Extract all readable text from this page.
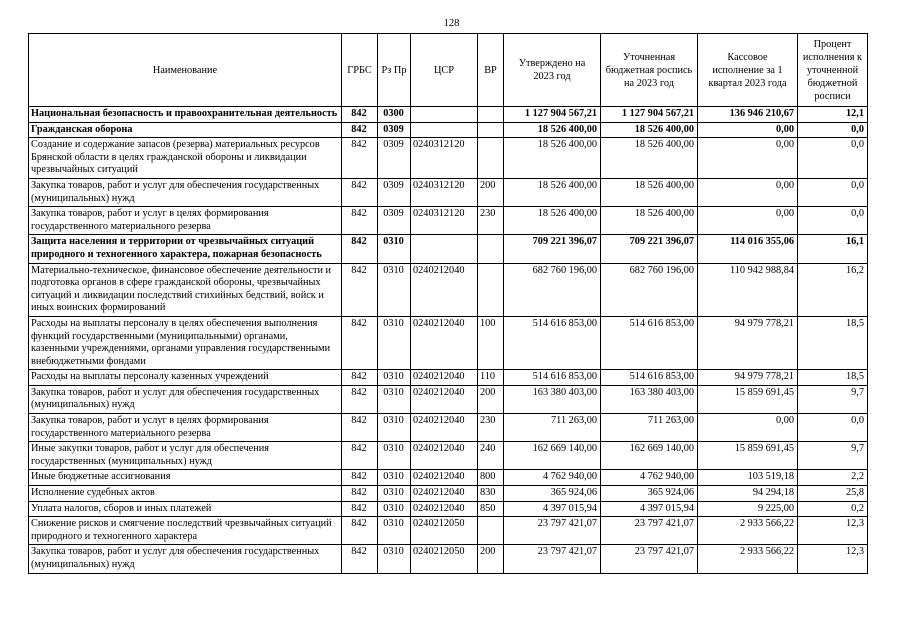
128
Наименование	ГРБС	Рз Пр	ЦСР	ВР	Утверждено на 2023 год	Уточненная бюджетная роспись на 2023 год	Кассовое исполнение за 1 квартал 2023 года	Процент исполнения к уточненной бюджетной росписи
Национальная безопасность и правоохранительная деятельность	842	0300			1 127 904 567,21	1 127 904 567,21	136 946 210,67	12,1
Гражданская оборона	842	0309			18 526 400,00	18 526 400,00	0,00	0,0
Создание и содержание запасов (резерва) материальных ресурсов Брянской области в целях гражданской обороны и ликвидации чрезвычайных ситуаций	842	0309	0240312120		18 526 400,00	18 526 400,00	0,00	0,0
Закупка товаров, работ и услуг для обеспечения государственных (муниципальных) нужд	842	0309	0240312120	200	18 526 400,00	18 526 400,00	0,00	0,0
Закупка товаров, работ и услуг в целях формирования государственного материального резерва	842	0309	0240312120	230	18 526 400,00	18 526 400,00	0,00	0,0
Защита населения и территории от чрезвычайных ситуаций природного и техногенного характера, пожарная безопасность	842	0310			709 221 396,07	709 221 396,07	114 016 355,06	16,1
Материально-техническое, финансовое обеспечение деятельности и подготовка органов в сфере гражданской обороны, чрезвычайных ситуаций и ликвидации последствий стихийных бедствий, войск и иных воинских формирований	842	0310	0240212040		682 760 196,00	682 760 196,00	110 942 988,84	16,2
Расходы на выплаты персоналу в целях обеспечения выполнения функций государственными (муниципальными) органами, казенными учреждениями, органами управления государственными внебюджетными фондами	842	0310	0240212040	100	514 616 853,00	514 616 853,00	94 979 778,21	18,5
Расходы на выплаты персоналу казенных учреждений	842	0310	0240212040	110	514 616 853,00	514 616 853,00	94 979 778,21	18,5
Закупка товаров, работ и услуг для обеспечения государственных (муниципальных) нужд	842	0310	0240212040	200	163 380 403,00	163 380 403,00	15 859 691,45	9,7
Закупка товаров, работ и услуг в целях формирования государственного материального резерва	842	0310	0240212040	230	711 263,00	711 263,00	0,00	0,0
Иные закупки товаров, работ и услуг для обеспечения государственных (муниципальных) нужд	842	0310	0240212040	240	162 669 140,00	162 669 140,00	15 859 691,45	9,7
Иные бюджетные ассигнования	842	0310	0240212040	800	4 762 940,00	4 762 940,00	103 519,18	2,2
Исполнение судебных актов	842	0310	0240212040	830	365 924,06	365 924,06	94 294,18	25,8
Уплата налогов, сборов и иных платежей	842	0310	0240212040	850	4 397 015,94	4 397 015,94	9 225,00	0,2
Снижение рисков и смягчение последствий чрезвычайных ситуаций природного и техногенного характера	842	0310	0240212050		23 797 421,07	23 797 421,07	2 933 566,22	12,3
Закупка товаров, работ и услуг для обеспечения государственных (муниципальных) нужд	842	0310	0240212050	200	23 797 421,07	23 797 421,07	2 933 566,22	12,3
